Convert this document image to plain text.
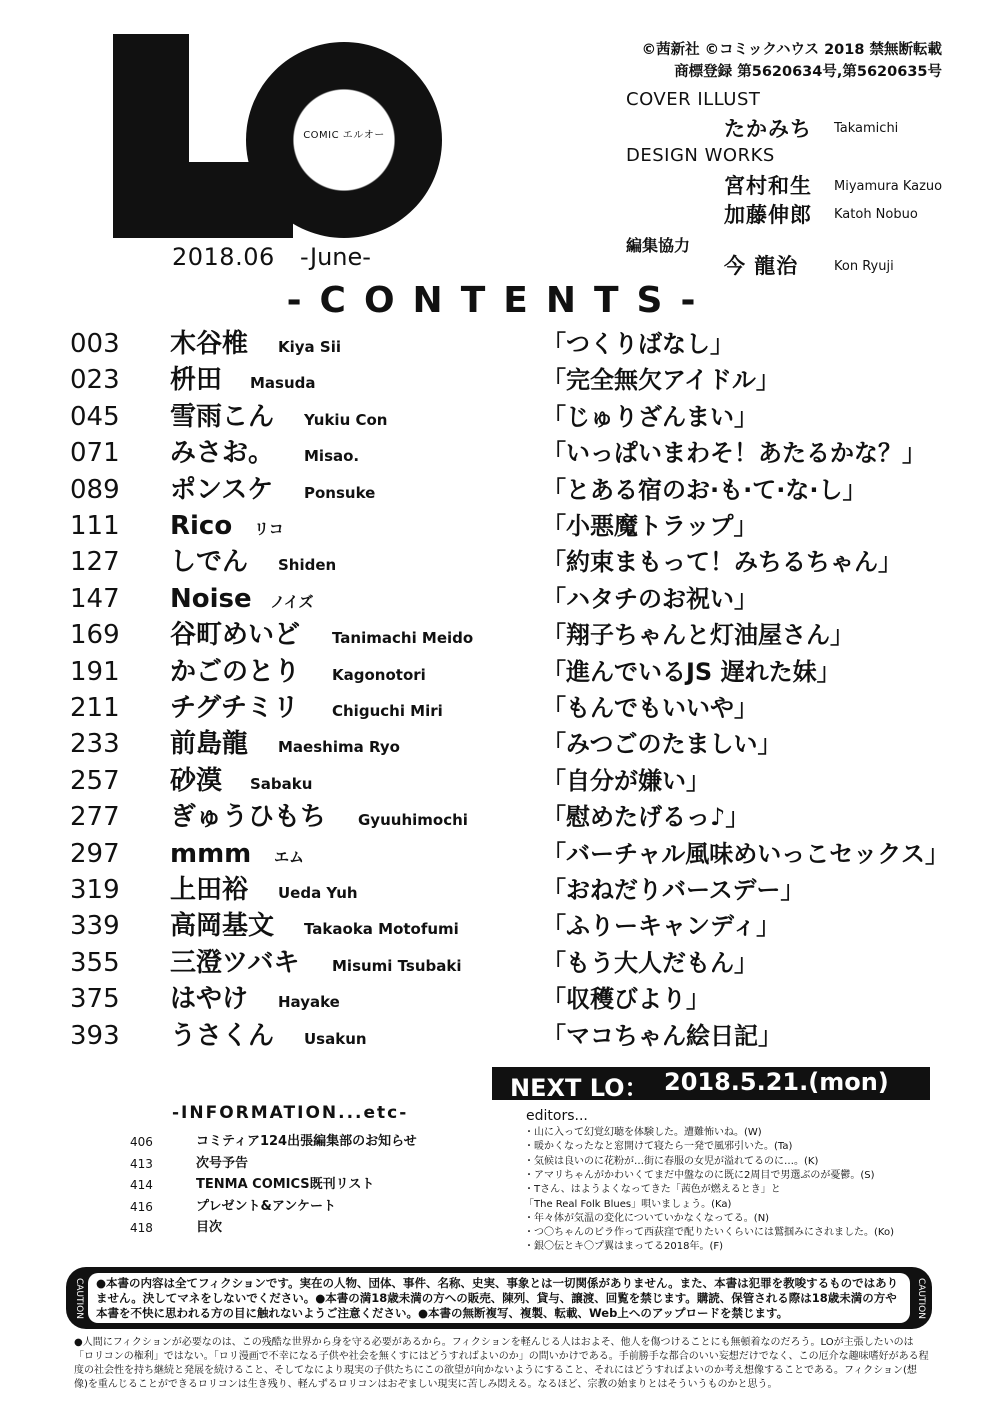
COMIC エルオー
2018.06 -June-
©茜新社 ©コミックハウス 2018 禁無断転載
商標登録 第5620634号,第5620635号
COVER ILLUST
たかみち Takamichi
DESIGN WORKS
宮村和生 Miyamura Kazuo
加藤伸郎 Katoh Nobuo
編集協力
今 龍治	Kon Ryuji
-CONTENTS-
003 木谷椎 Kiya Sii	「つくりばなし」
023 枡田 Masuda	「完全無欠アイドル」
045 雪雨こん Yukiu Con	「じゅりざんまい」
071 みさお。 Misao.	「いっぱいまわそ！あたるかな？」
089 ポンスケ Ponsuke	「とある宿のお·も·て·な·し」
111 Rico リコ	「小悪魔トラップ」
127 しでん Shiden	「約束まもって！みちるちゃん」
147 Noise ノイズ	「ハタチのお祝い」
169 谷町めいど Tanimachi Meido	「翔子ちゃんと灯油屋さん」
191 かごのとり Kagonotori	「進んでいるJS 遅れた妹」
211 チグチミリ Chiguchi Miri	「もんでもいいや」
233 前島龍 Maeshima Ryo	「みつごのたましい」
257 砂漠 Sabaku	「自分が嫌い」
277 ぎゅうひもち Gyuuhimochi	「慰めたげるっ♪」
297 mmm エム	「バーチャル風味めいっこセックス」
319 上田裕 Ueda Yuh	「おねだりバースデー」
339 高岡基文 Takaoka Motofumi	「ふりーキャンディ」
355 三澄ツバキ Misumi Tsubaki	「もう大人だもん」
375 はやけ Hayake	「収穫びより」
393 うさくん Usakun	「マコちゃん絵日記」
NEXT LO： 2018.5.21.(mon)
-INFORMATION...etc-
406	コミティア124出張編集部のお知らせ
413	次号予告
414	TENMA COMICS既刊リスト
416	プレゼント&アンケート
418	目次
editors...
・山に入って幻覚幻聴を体験した。遭難怖いね。(W)
・暖かくなったなと窓開けて寝たら一発で風邪引いた。(Ta)
・気候は良いのに花粉が…街に春服の女児が溢れてるのに…。(K)
・アマリちゃんがかわいくてまだ中盤なのに既に2周目で男選ぶのが憂鬱。(S)
・Tさん、はようよくなってきた「茜色が燃えるとき」と
「The Real Folk Blues」唄いましょう。(Ka)
・年々体が気温の変化についていかなくなってる。(N)
・つ〇ちゃんのビラ作って西荻窪で配りたいくらいには鷲掴みにされました。(Ko)
・銀〇伝とキ〇プ翼はまってる2018年。(F)
CAUTION	CAUTION
●本書の内容は全てフィクションです。実在の人物、団体、事件、名称、史実、事象とは一切関係がありません。また、本書は犯罪を教唆するものではありません。決してマネをしないでください。●本書の満18歳未満の方への販売、陳列、貸与、譲渡、回覧を禁じます。購読、保管される際は18歳未満の方や本書を不快に思われる方の目に触れないようご注意ください。●本書の無断複写、複製、転載、Web上へのアップロードを禁じます。
●人間にフィクションが必要なのは、この残酷な世界から身を守る必要があるから。フィクションを軽んじる人はおよそ、他人を傷つけることにも無頓着なのだろう。LOが主張したいのは「ロリコンの権利」ではない。「ロリ漫画で不幸になる子供や社会を無くすにはどうすればよいのか」の問いかけである。手前勝手な都合のいい妄想だけでなく、この厄介な趣味嗜好がある程度の社会性を持ち継続と発展を続けること、そしてなにより現実の子供たちにこの欲望が向かないようにすること、それにはどうすればよいのか考え想像することである。フィクション(想像)を重んじることができるロリコンは生き残り、軽んずるロリコンはおぞましい現実に苦しみ悶える。なるほど、宗教の始まりとはそういうものかと思う。
